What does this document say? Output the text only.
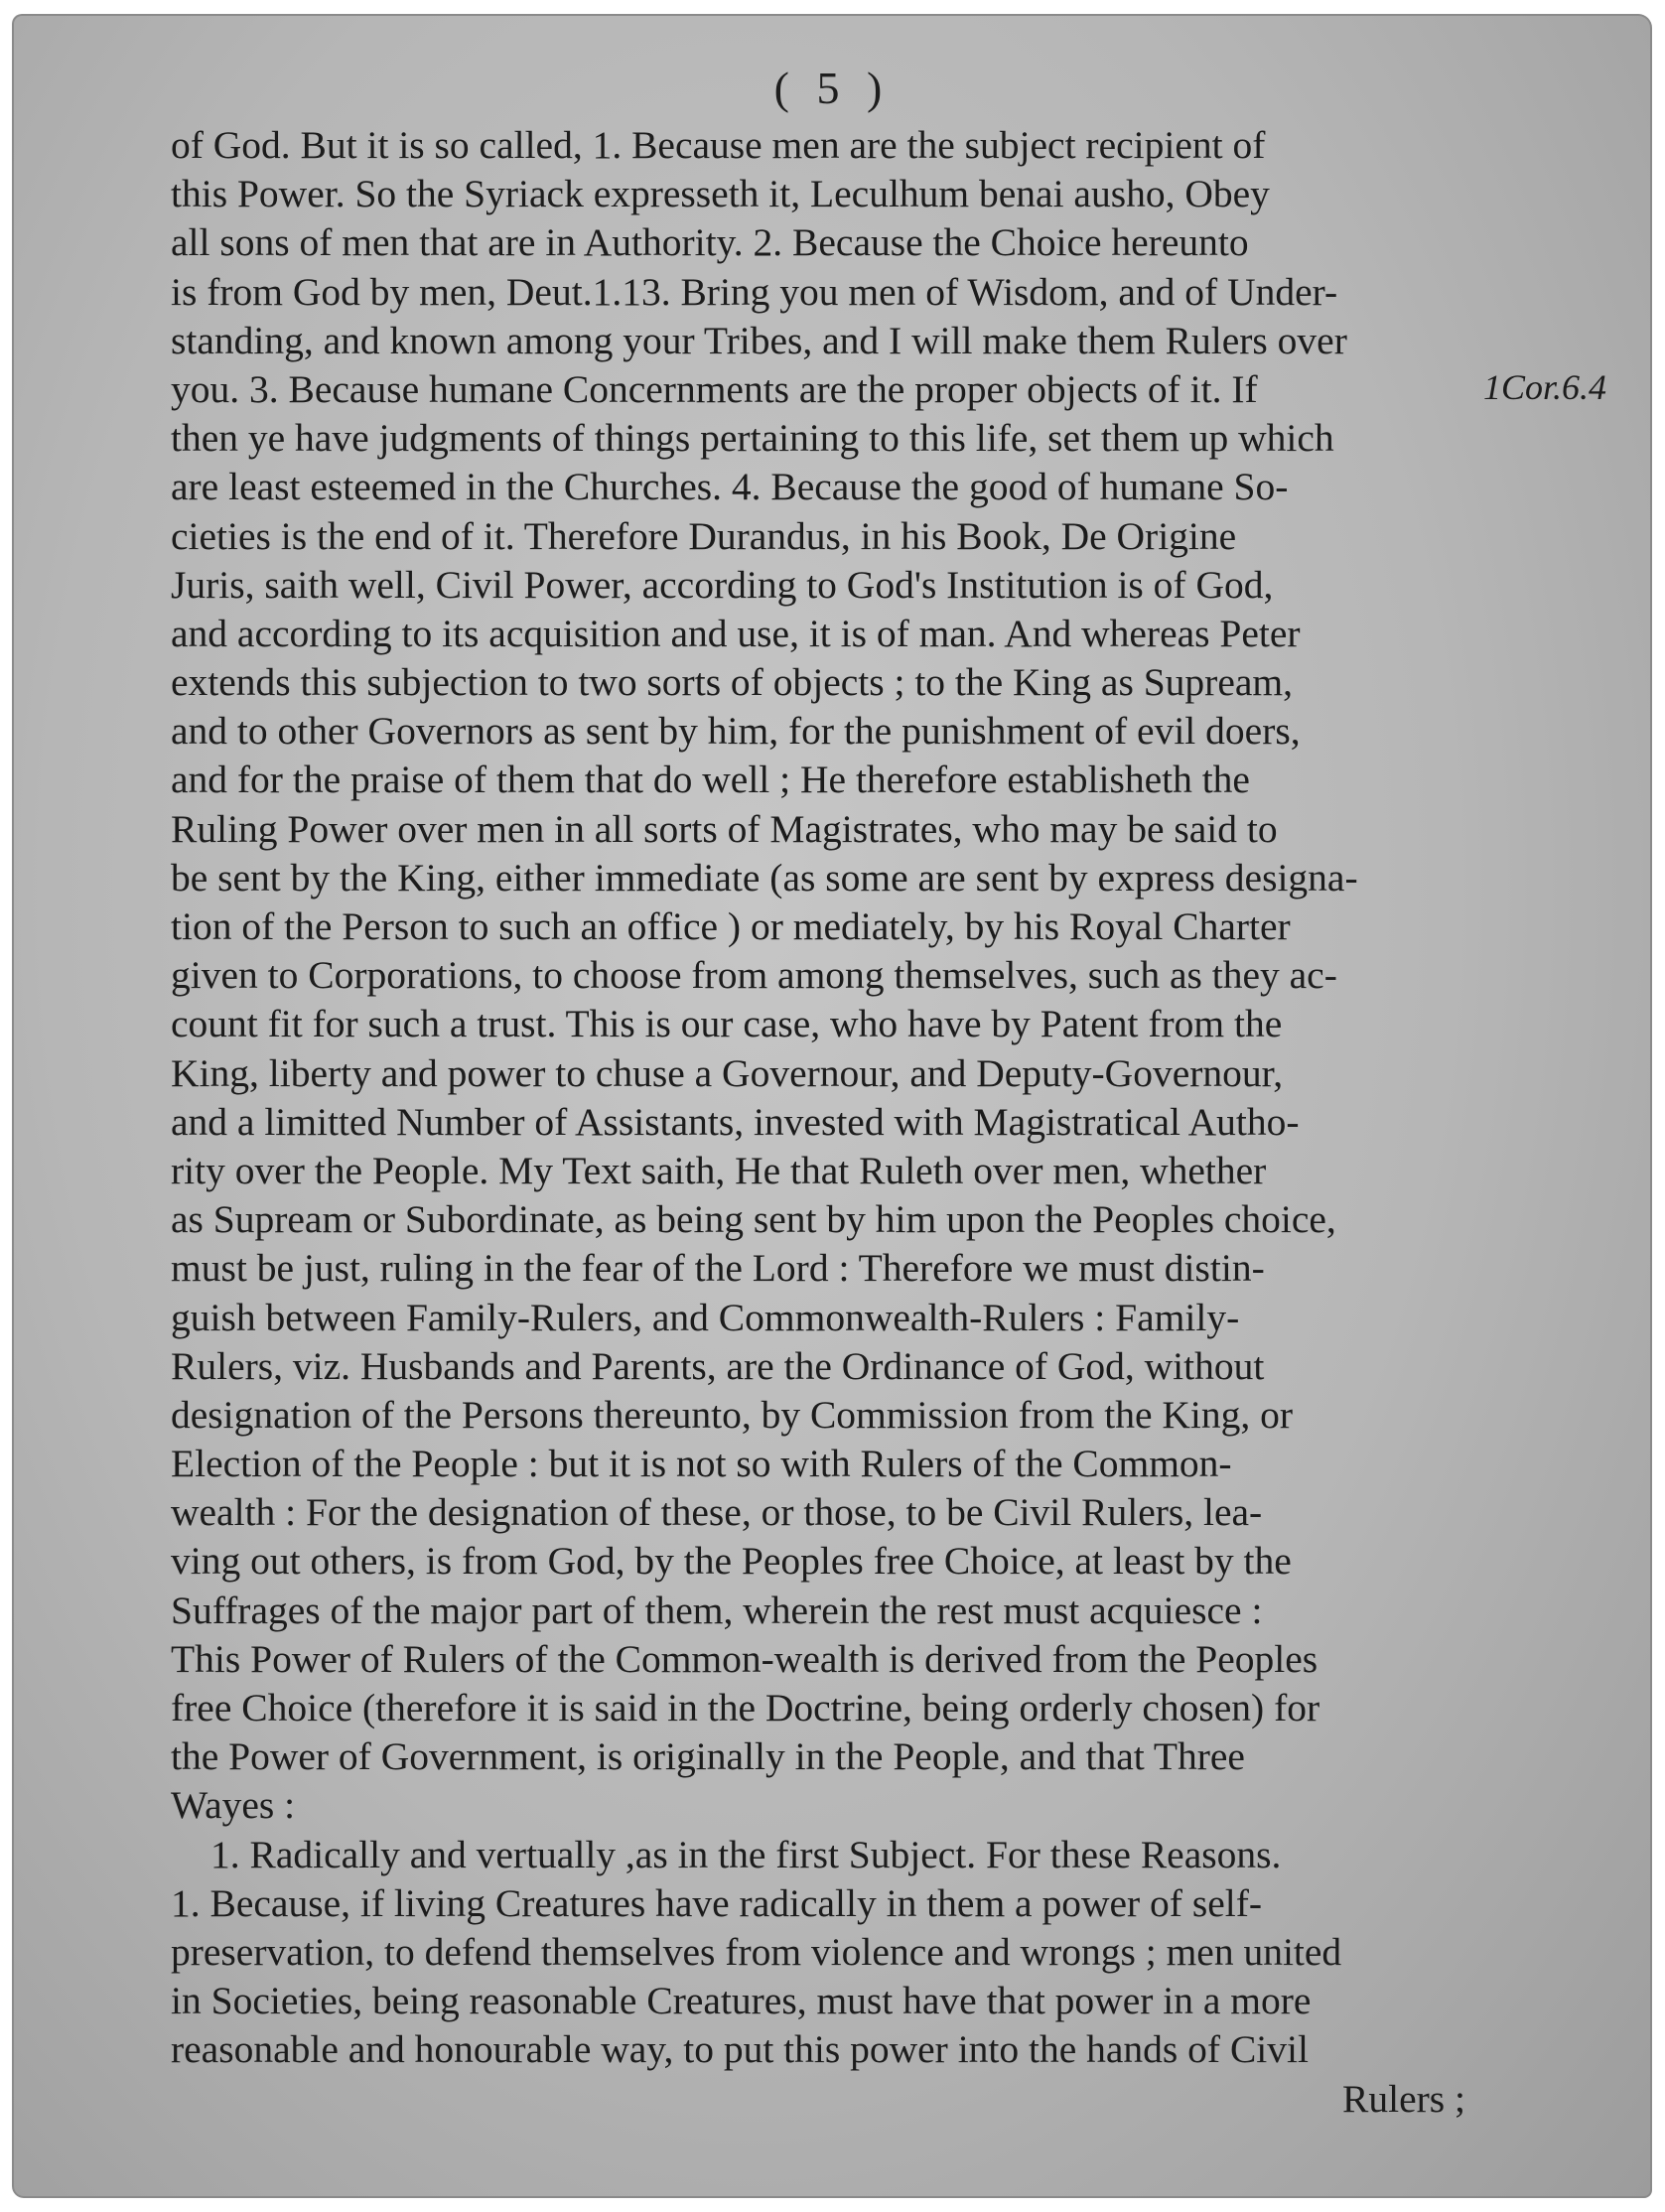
( 5 )
1Cor.6.4
of God. But it is so called, 1. Because men are the subject recipient of
this Power. So the Syriack expresseth it, Leculhum benai ausho, Obey
all sons of men that are in Authority. 2. Because the Choice hereunto
is from God by men, Deut.1.13. Bring you men of Wisdom, and of Under-
standing, and known among your Tribes, and I will make them Rulers over
you. 3. Because humane Concernments are the proper objects of it. If
then ye have judgments of things pertaining to this life, set them up which
are least esteemed in the Churches. 4. Because the good of humane So-
cieties is the end of it. Therefore Durandus, in his Book, De Origine
Juris, saith well, Civil Power, according to God's Institution is of God,
and according to its acquisition and use, it is of man. And whereas Peter
extends this subjection to two sorts of objects ; to the King as Supream,
and to other Governors as sent by him, for the punishment of evil doers,
and for the praise of them that do well ; He therefore establisheth the
Ruling Power over men in all sorts of Magistrates, who may be said to
be sent by the King, either immediate (as some are sent by express designa-
tion of the Person to such an office ) or mediately, by his Royal Charter
given to Corporations, to choose from among themselves, such as they ac-
count fit for such a trust. This is our case, who have by Patent from the
King, liberty and power to chuse a Governour, and Deputy-Governour,
and a limitted Number of Assistants, invested with Magistratical Autho-
rity over the People. My Text saith, He that Ruleth over men, whether
as Supream or Subordinate, as being sent by him upon the Peoples choice,
must be just, ruling in the fear of the Lord : Therefore we must distin-
guish between Family-Rulers, and Commonwealth-Rulers : Family-
Rulers, viz. Husbands and Parents, are the Ordinance of God, without
designation of the Persons thereunto, by Commission from the King, or
Election of the People : but it is not so with Rulers of the Common-
wealth : For the designation of these, or those, to be Civil Rulers, lea-
ving out others, is from God, by the Peoples free Choice, at least by the
Suffrages of the major part of them, wherein the rest must acquiesce :
This Power of Rulers of the Common-wealth is derived from the Peoples
free Choice (therefore it is said in the Doctrine, being orderly chosen) for
the Power of Government, is originally in the People, and that Three
Wayes :
1. Radically and vertually ,as in the first Subject. For these Reasons.
1. Because, if living Creatures have radically in them a power of self-
preservation, to defend themselves from violence and wrongs ; men united
in Societies, being reasonable Creatures, must have that power in a more
reasonable and honourable way, to put this power into the hands of Civil
Rulers ;
